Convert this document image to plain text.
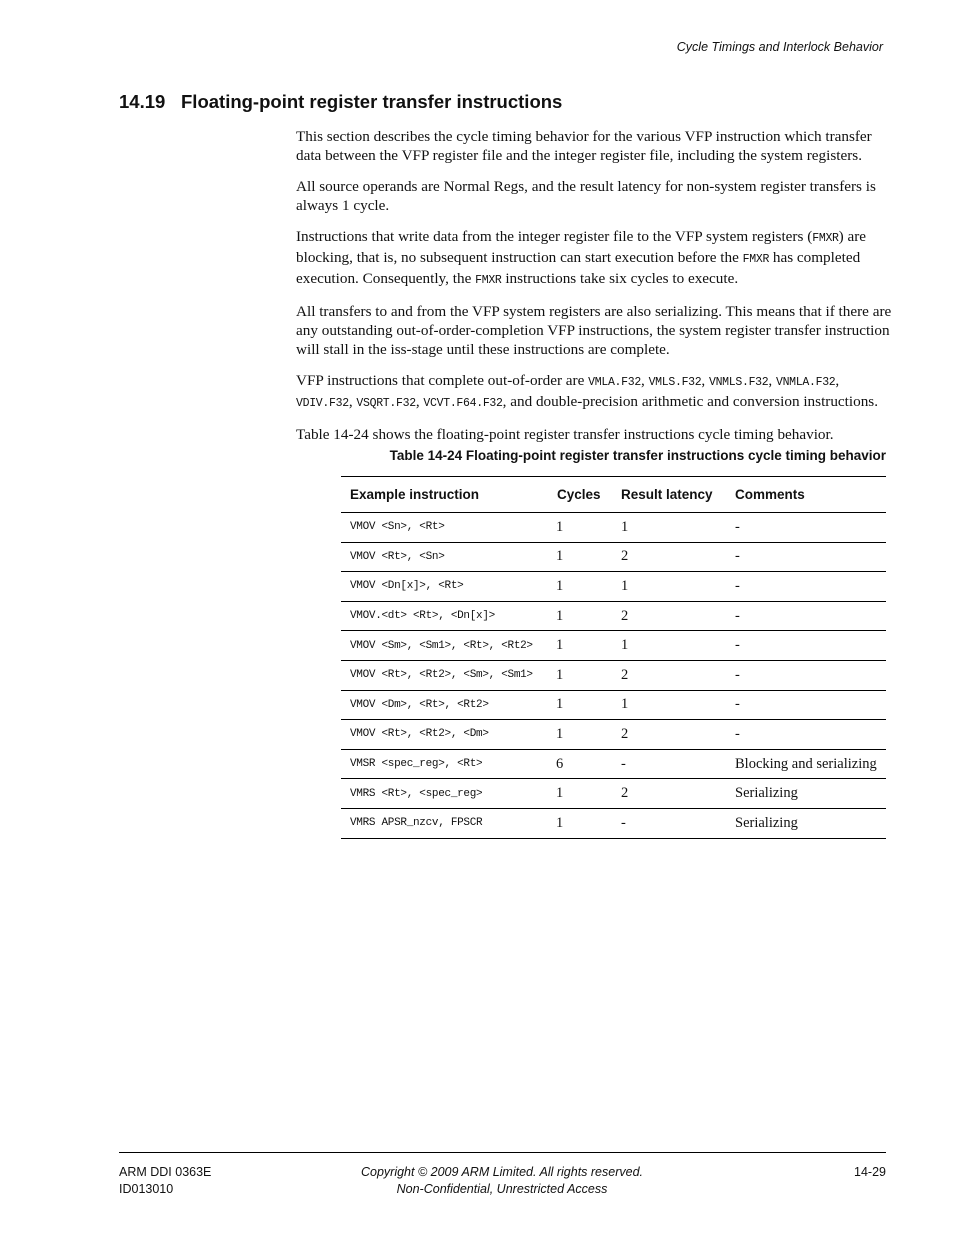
Cycle Timings and Interlock Behavior
14.19 Floating-point register transfer instructions

This section describes the cycle timing behavior for the various VFP instruction which transfer data between the VFP register file and the integer register file, including the system registers.

All source operands are Normal Regs, and the result latency for non-system register transfers is always 1 cycle.

Instructions that write data from the integer register file to the VFP system registers (FMXR) are blocking, that is, no subsequent instruction can start execution before the FMXR has completed execution. Consequently, the FMXR instructions take six cycles to execute.

All transfers to and from the VFP system registers are also serializing. This means that if there are any outstanding out-of-order-completion VFP instructions, the system register transfer instruction will stall in the iss-stage until these instructions are complete.

VFP instructions that complete out-of-order are VMLA.F32, VMLS.F32, VNMLS.F32, VNMLA.F32, VDIV.F32, VSQRT.F32, VCVT.F64.F32, and double-precision arithmetic and conversion instructions.

Table 14-24 shows the floating-point register transfer instructions cycle timing behavior.

Table 14-24 Floating-point register transfer instructions cycle timing behavior
Example instruction	Cycles	Result latency	Comments
VMOV <Sn>, <Rt>	1	1	-
VMOV <Rt>, <Sn>	1	2	-
VMOV <Dn[x]>, <Rt>	1	1	-
VMOV.<dt> <Rt>, <Dn[x]>	1	2	-
VMOV <Sm>, <Sm1>, <Rt>, <Rt2>	1	1	-
VMOV <Rt>, <Rt2>, <Sm>, <Sm1>	1	2	-
VMOV <Dm>, <Rt>, <Rt2>	1	1	-
VMOV <Rt>, <Rt2>, <Dm>	1	2	-
VMSR <spec_reg>, <Rt>	6	-	Blocking and serializing
VMRS <Rt>, <spec_reg>	1	2	Serializing
VMRS APSR_nzcv, FPSCR	1	-	Serializing
ARM DDI 0363E
ID013010
Copyright © 2009 ARM Limited. All rights reserved.
Non-Confidential, Unrestricted Access
14-29
